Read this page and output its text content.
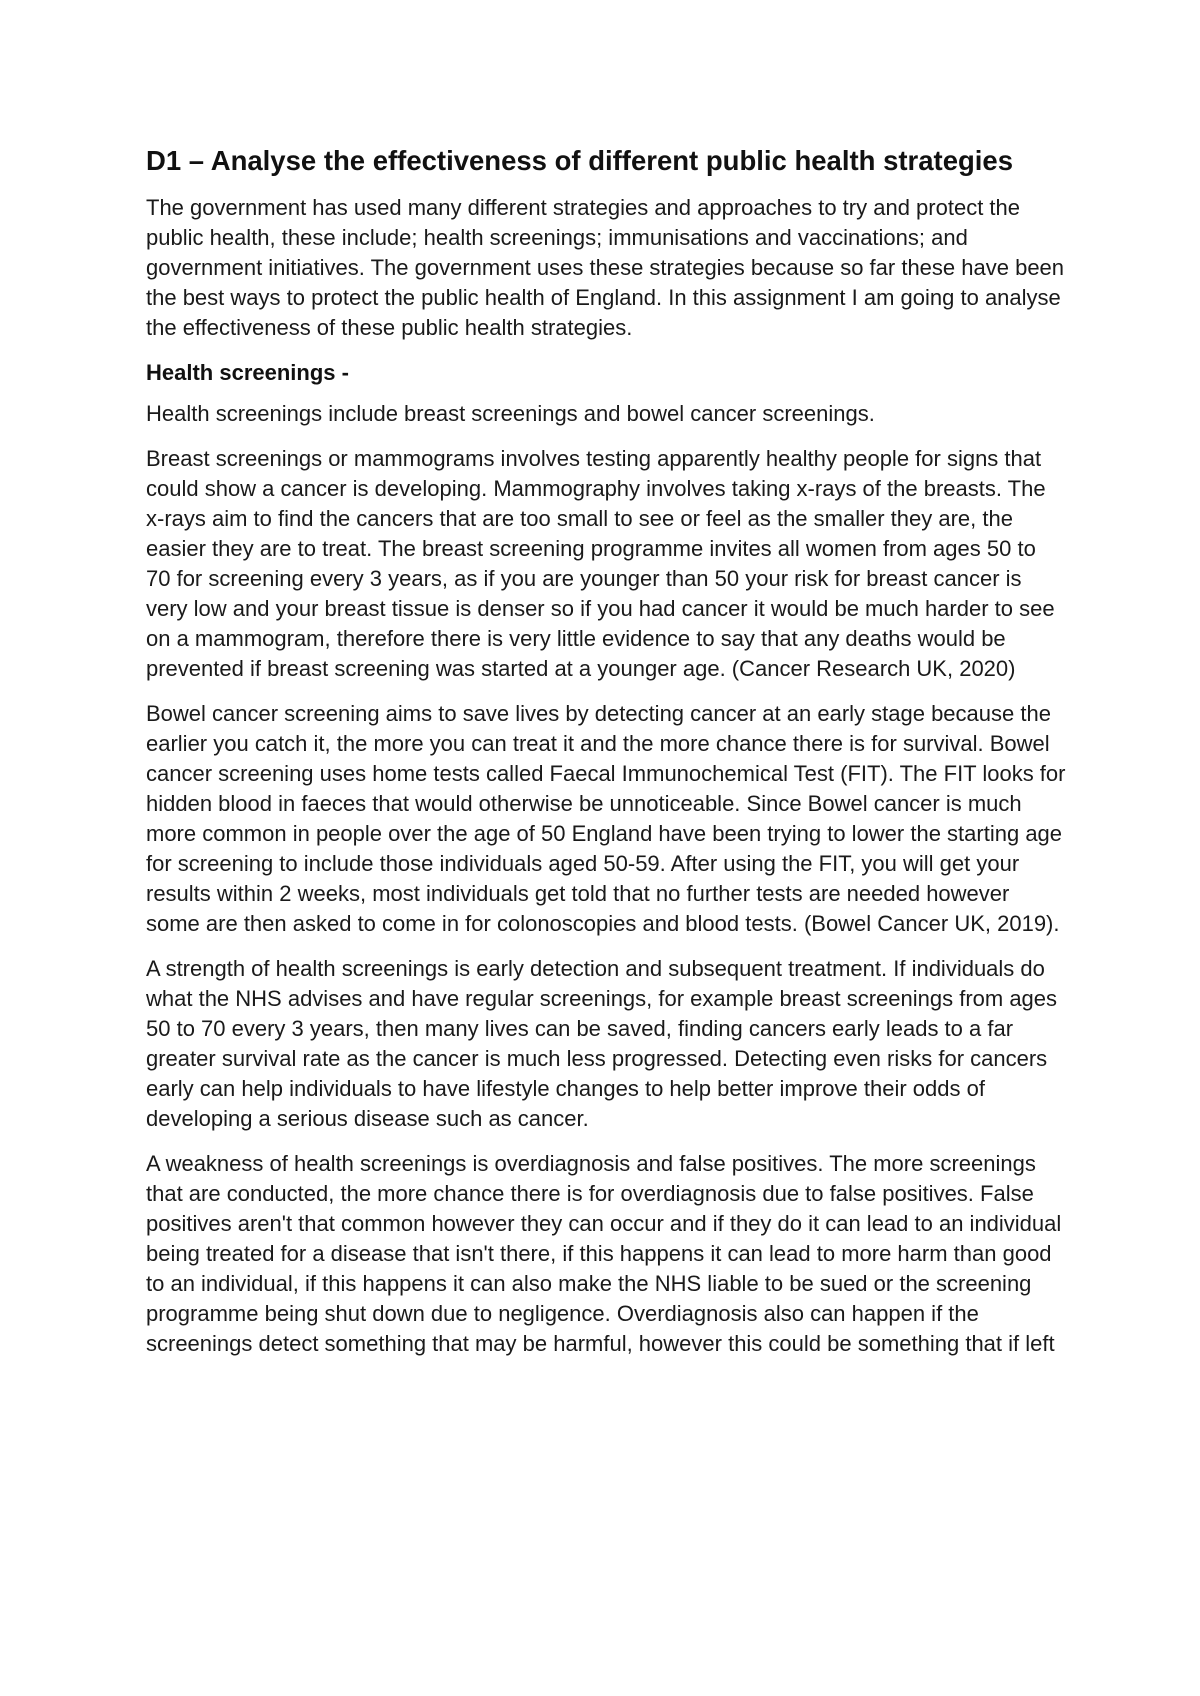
D1 – Analyse the effectiveness of different public health strategies

The government has used many different strategies and approaches to try and protect the public health, these include; health screenings; immunisations and vaccinations; and government initiatives. The government uses these strategies because so far these have been the best ways to protect the public health of England. In this assignment I am going to analyse the effectiveness of these public health strategies.

Health screenings -

Health screenings include breast screenings and bowel cancer screenings.

Breast screenings or mammograms involves testing apparently healthy people for signs that could show a cancer is developing. Mammography involves taking x-rays of the breasts. The x-rays aim to find the cancers that are too small to see or feel as the smaller they are, the easier they are to treat. The breast screening programme invites all women from ages 50 to 70 for screening every 3 years, as if you are younger than 50 your risk for breast cancer is very low and your breast tissue is denser so if you had cancer it would be much harder to see on a mammogram, therefore there is very little evidence to say that any deaths would be prevented if breast screening was started at a younger age. (Cancer Research UK, 2020)

Bowel cancer screening aims to save lives by detecting cancer at an early stage because the earlier you catch it, the more you can treat it and the more chance there is for survival. Bowel cancer screening uses home tests called Faecal Immunochemical Test (FIT). The FIT looks for hidden blood in faeces that would otherwise be unnoticeable. Since Bowel cancer is much more common in people over the age of 50 England have been trying to lower the starting age for screening to include those individuals aged 50-59. After using the FIT, you will get your results within 2 weeks, most individuals get told that no further tests are needed however some are then asked to come in for colonoscopies and blood tests. (Bowel Cancer UK, 2019).

A strength of health screenings is early detection and subsequent treatment. If individuals do what the NHS advises and have regular screenings, for example breast screenings from ages 50 to 70 every 3 years, then many lives can be saved, finding cancers early leads to a far greater survival rate as the cancer is much less progressed. Detecting even risks for cancers early can help individuals to have lifestyle changes to help better improve their odds of developing a serious disease such as cancer.

A weakness of health screenings is overdiagnosis and false positives. The more screenings that are conducted, the more chance there is for overdiagnosis due to false positives. False positives aren't that common however they can occur and if they do it can lead to an individual being treated for a disease that isn't there, if this happens it can lead to more harm than good to an individual, if this happens it can also make the NHS liable to be sued or the screening programme being shut down due to negligence. Overdiagnosis also can happen if the screenings detect something that may be harmful, however this could be something that if left
